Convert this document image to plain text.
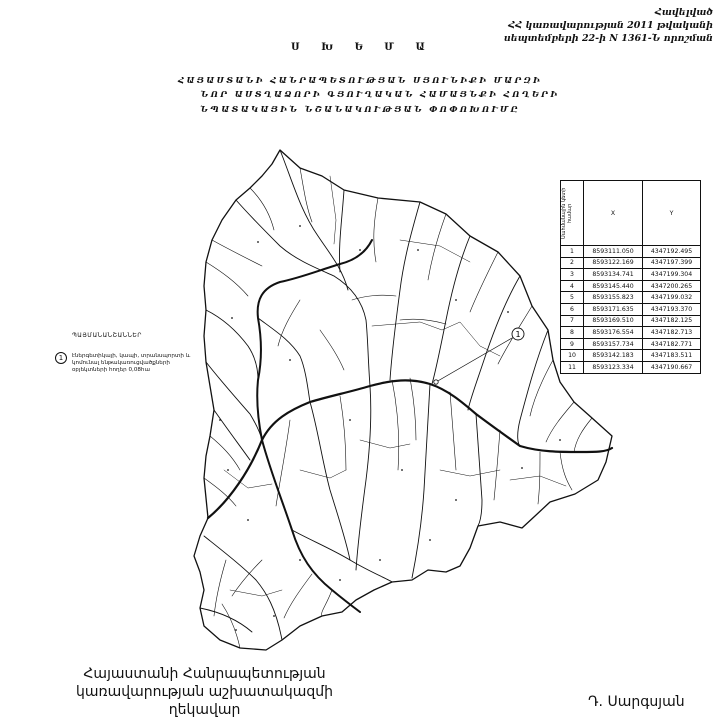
Հավելված
ՀՀ կառավարության 2011 թվականի
սեպտեմբերի 22-ի N 1361-Ն որոշման
Ս Խ Ե Մ Ա
ՀԱՅԱՍՏԱՆԻ ՀԱՆՐԱՊԵՏՈՒԹՅԱՆ ՍՅՈՒՆԻՔԻ ՄԱՐԶԻ
ՆՈՐ ԱՍՏՂԱՁՈՐԻ ԳՅՈՒՂԱԿԱՆ ՀԱՄԱՅՆՔԻ ՀՈՂԵՐԻ
ՆՊԱՏԱԿԱՅԻՆ ՆՇԱՆԱԿՈՒԹՅԱՆ ՓՈՓՈԽՈՒՄԸ
1
ՊԱՅՄԱՆԱՆՇԱՆՆԵՐ
1	էներգետիկայի, կապի, տրանսպորտի և կոմունալ ենթակառուցվածքների օբյեկտների հողեր 0,08հա
Սահմանային կետի համար	X	Y
1	8593111.050	4347192.495
2	8593122.169	4347197.399
3	8593134.741	4347199.304
4	8593145.440	4347200.265
5	8593155.823	4347199.032
6	8593171.635	4347193.370
7	8593169.510	4347182.125
8	8593176.554	4347182.713
9	8593157.734	4347182.771
10	8593142.183	4347183.511
11	8593123.334	4347190.667
Հայաստանի Հանրապետության
կառավարության աշխատակազմի
ղեկավար	Դ. Սարգսյան
